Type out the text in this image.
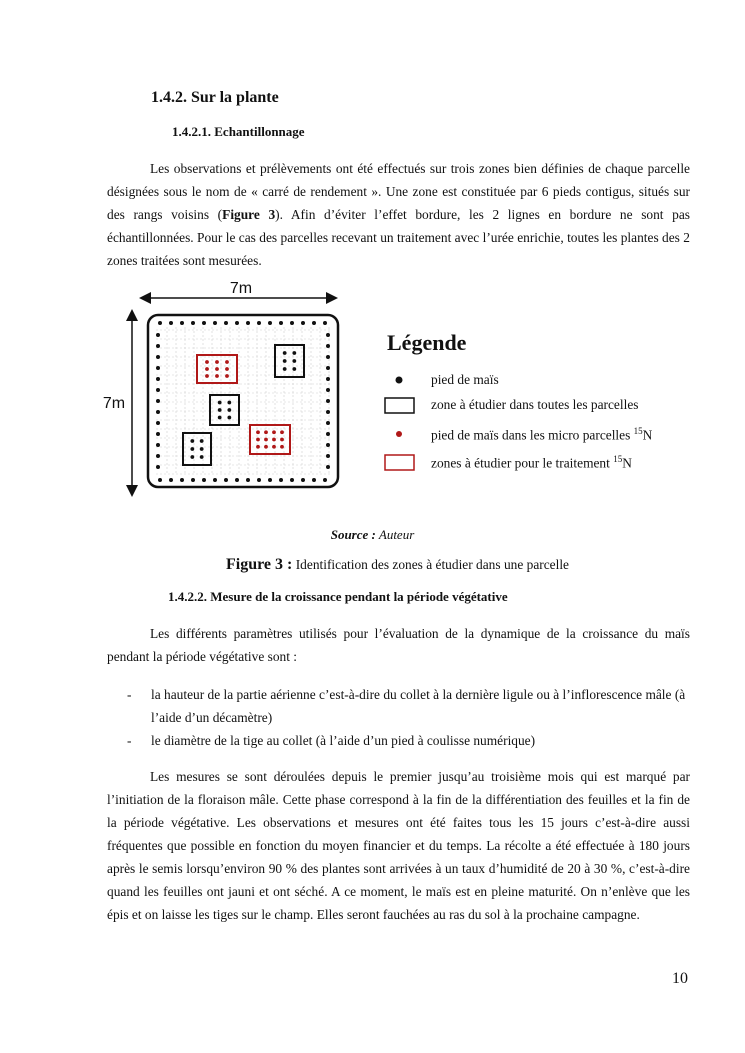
1.4.2. Sur la plante
1.4.2.1. Echantillonnage

Les observations et prélèvements ont été effectués sur trois zones bien définies de chaque parcelle désignées sous le nom de « carré de rendement ». Une zone est constituée par 6 pieds contigus, situés sur des rangs voisins (Figure 3). Afin d’éviter l’effet bordure, les 2 lignes en bordure ne sont pas échantillonnées. Pour le cas des parcelles recevant un traitement avec l’urée enrichie, toutes les plantes des 2 zones traitées sont mesurées.

7m
7m
Légende
pied de maïs
zone à étudier dans toutes les parcelles
pied de maïs dans les micro parcelles $^{15}$N
zones à étudier pour le traitement $^{15}$N
Source : Auteur
Figure 3 : Identification des zones à étudier dans une parcelle
1.4.2.2. Mesure de la croissance pendant la période végétative

Les différents paramètres utilisés pour l’évaluation de la dynamique de la croissance du maïs pendant la période végétative sont :

- la hauteur de la partie aérienne c’est-à-dire du collet à la dernière ligule ou à l’inflorescence mâle (à l’aide d’un décamètre)
- le diamètre de la tige au collet (à l’aide d’un pied à coulisse numérique)

Les mesures se sont déroulées depuis le premier jusqu’au troisième mois qui est marqué par l’initiation de la floraison mâle. Cette phase correspond à la fin de la différentiation des feuilles et la fin de la période végétative. Les observations et mesures ont été faites tous les 15 jours c’est-à-dire aussi fréquentes que possible en fonction du moyen financier et du temps. La récolte a été effectuée à 180 jours après le semis lorsqu’environ 90 % des plantes sont arrivées à un taux d’humidité de 20 à 30 %, c’est-à-dire quand les feuilles ont jauni et ont séché. A ce moment, le maïs est en pleine maturité. On n’enlève que les épis et on laisse les tiges sur le champ. Elles seront fauchées au ras du sol à la prochaine campagne.

10
